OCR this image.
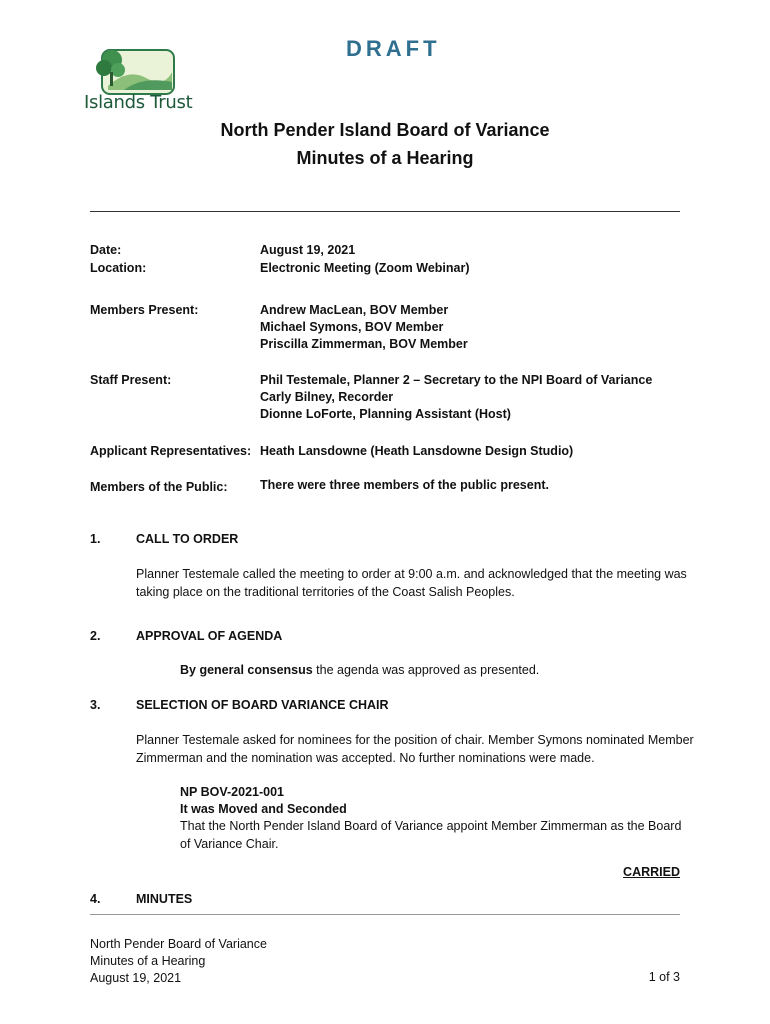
DRAFT
Islands Trust
North Pender Island Board of Variance
Minutes of a Hearing
Date:	August 19, 2021
Location:	Electronic Meeting (Zoom Webinar)
Members Present:	Andrew MacLean, BOV Member
Michael Symons, BOV Member
Priscilla Zimmerman, BOV Member
Staff Present:	Phil Testemale, Planner 2 – Secretary to the NPI Board of Variance
Carly Bilney, Recorder
Dionne LoForte, Planning Assistant (Host)
Applicant Representatives: Heath Lansdowne (Heath Lansdowne Design Studio)
Members of the Public:	There were three members of the public present.
1.	CALL TO ORDER
Planner Testemale called the meeting to order at 9:00 a.m. and acknowledged that the meeting was taking place on the traditional territories of the Coast Salish Peoples.
2.	APPROVAL OF AGENDA
By general consensus the agenda was approved as presented.
3.	SELECTION OF BOARD VARIANCE CHAIR
Planner Testemale asked for nominees for the position of chair. Member Symons nominated Member Zimmerman and the nomination was accepted. No further nominations were made.
NP BOV-2021-001
It was Moved and Seconded
That the North Pender Island Board of Variance appoint Member Zimmerman as the Board of Variance Chair.
CARRIED
4.	MINUTES
North Pender Board of Variance
Minutes of a Hearing
August 19, 2021	1 of 3
